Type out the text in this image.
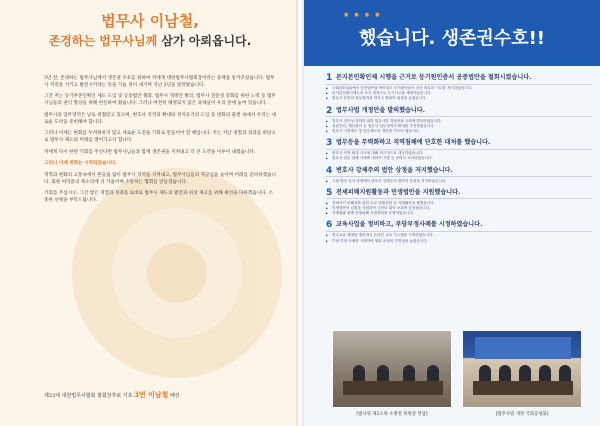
법무사 이남철,
존경하는 법무사님께 삼가 아뢰옵니다.

3년 전, 존경하는 법무사님께서 생존권 수호를 위하여 저에게 대한법무사협회장이라는 중책을 맡겨주셨습니다. 법무사 직역을 지키고 발전시키라는 뜻을 가슴 깊이 새기며 지난 3년을 달려왔습니다.

그간 저는 등기부본인확인 제도 도입 및 공증법안 철회, 법무사 개정안 발의, 법무사 전문성 강화를 위한 노력 등 법무사님들의 권익 향상을 위해 헌신하여 왔습니다. 그러나 여전히 해결되지 않은 과제들이 우리 앞에 놓여 있습니다.

법무사의 업무영역은 날로 위협받고 있으며, 변호사 직역의 확대와 전자등기의 도입 등 변화의 물결 속에서 우리는 새로운 도약을 준비해야 합니다.

그러나 이제는 변화를 두려워하지 않고 새로운 도전을 기회로 만들어야 할 때입니다. 저는 지난 경험과 성과를 바탕으로 법무사 제도의 미래를 열어가고자 합니다.

저에게 다시 한번 기회를 주신다면 법무사님들과 함께 생존권을 지켜내고 더 큰 도약을 이루어 내겠습니다.

그러나 이제 변화는 시작되었습니다.

개혁과 변화의 고통속에서 흔들림 없이 법무사 직역을 지켜내고, 법무사님들의 자긍심을 높이며 미래를 준비하겠습니다. 회원 여러분의 목소리에 귀 기울이며 소통하는 협회를 만들겠습니다.

기회를 주십시오. 그간 쌓은 경험과 성과를 토대로 법무사 제도의 발전과 위상 제고를 위해 최선을 다하겠습니다. 소중한 선택을 부탁드립니다.

제23대 대한법무사협회 협회장후보 기호 3번 이남철 배상
●●●●
했습니다. 생존권수호!!
1 본지본인확인제 시행을 근거로 등기원인증서 공증법안을 철회시켰습니다.
▶ 국회(법사위)에서 공증법안을 막아내고 등기원인증서 공증 의무화 시도를 저지하였습니다.
▶ 본지본인확인제도의 조기 정착으로 등기사고를 예방하였습니다.
▶ 법무사 본연의 업무영역을 지키고 협회의 위상을 높였습니다.
2 법무사법 개정안을 발의했습니다.
▶ 법무사 전문성 강화를 위한 법무사법 개정안을 국회에 발의하였습니다.
▶ 성년후견, 재산관리 등 법무사 업무영역의 확대를 추진하였습니다.
▶ 법무사 시험제도 및 연수제도의 개선을 이루어 냈습니다.
3 법무등을 무력화하고 직역침해에 단호한 대처를 했습니다.
▶ 변호사 직역 확대 시도에 대해 적극적으로 대응하였습니다.
▶ 법무사 업무 침해 사례에 대하여 고발 등 강력히 조치하였습니다.
4 변호사 강제주의 법안 상정을 저지했습니다.
▶ 국회 법안 심사 과정에서 변호사 강제주의 법안의 상정을 저지하였습니다.
5 전세피해지원활동과 민생법안을 지원했습니다.
▶ 전세사기 피해자를 위한 무료 법률상담 및 지원활동을 펼쳤습니다.
▶ 민생법안의 입법을 지원하여 국민의 권익 보호에 앞장섰습니다.
▶ 지방회와 함께 전세피해 지원센터를 운영하였습니다.
6 교육사업을 정비하고, 부당부정사례를 시정하였습니다.
▶ 연수교육 체계를 정비하고 온라인 교육 시스템을 구축하였습니다.
▶ 부당·부정 사례를 시정하여 협회 운영의 투명성을 높였습니다.
[법사위 제1소위 소병철 위원장 면담]	[법무사법 개정 국회공청회]
